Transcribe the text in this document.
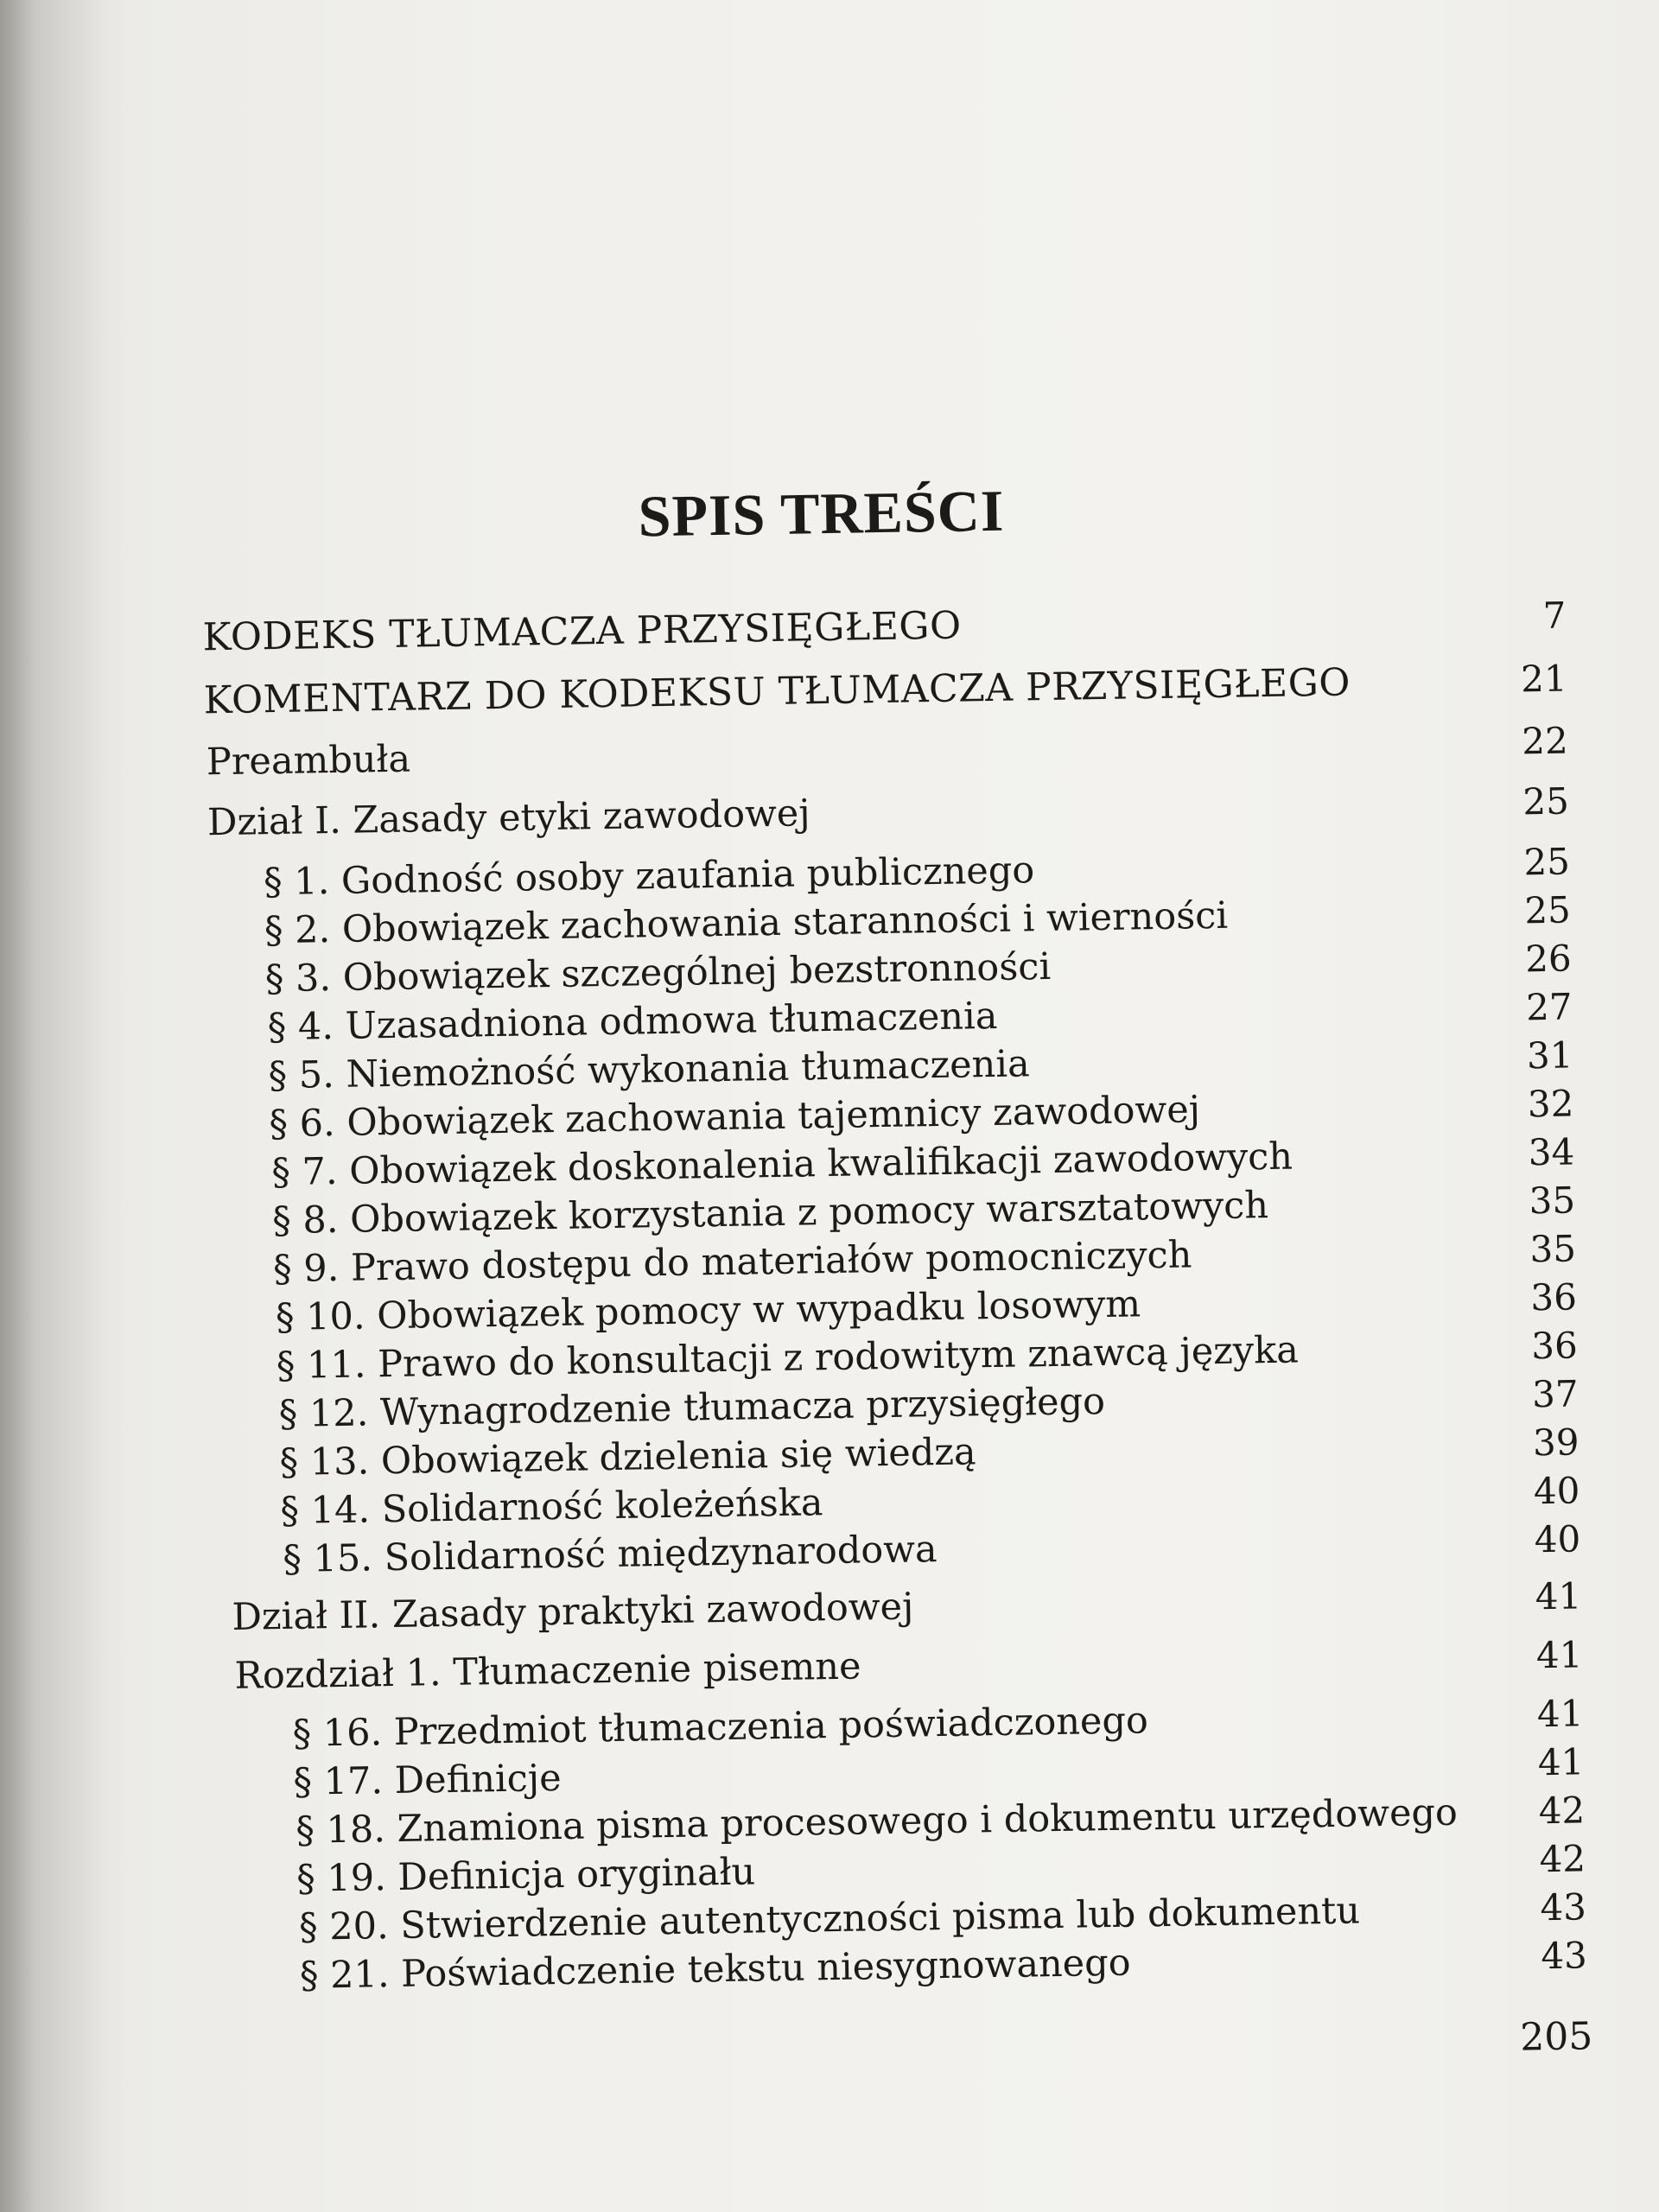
SPIS TREŚCI
KODEKS TŁUMACZA PRZYSIĘGŁEGO	7
KOMENTARZ DO KODEKSU TŁUMACZA PRZYSIĘGŁEGO	21
Preambuła	22
Dział I. Zasady etyki zawodowej	25
§ 1. Godność osoby zaufania publicznego	25
§ 2. Obowiązek zachowania staranności i wierności	25
§ 3. Obowiązek szczególnej bezstronności	26
§ 4. Uzasadniona odmowa tłumaczenia	27
§ 5. Niemożność wykonania tłumaczenia	31
§ 6. Obowiązek zachowania tajemnicy zawodowej	32
§ 7. Obowiązek doskonalenia kwalifikacji zawodowych	34
§ 8. Obowiązek korzystania z pomocy warsztatowych	35
§ 9. Prawo dostępu do materiałów pomocniczych	35
§ 10. Obowiązek pomocy w wypadku losowym	36
§ 11. Prawo do konsultacji z rodowitym znawcą języka	36
§ 12. Wynagrodzenie tłumacza przysięgłego	37
§ 13. Obowiązek dzielenia się wiedzą	39
§ 14. Solidarność koleżeńska	40
§ 15. Solidarność międzynarodowa	40
Dział II. Zasady praktyki zawodowej	41
Rozdział 1. Tłumaczenie pisemne	41
§ 16. Przedmiot tłumaczenia poświadczonego	41
§ 17. Definicje	41
§ 18. Znamiona pisma procesowego i dokumentu urzędowego 42
§ 19. Definicja oryginału	42
§ 20. Stwierdzenie autentyczności pisma lub dokumentu	43
§ 21. Poświadczenie tekstu niesygnowanego	43
205
